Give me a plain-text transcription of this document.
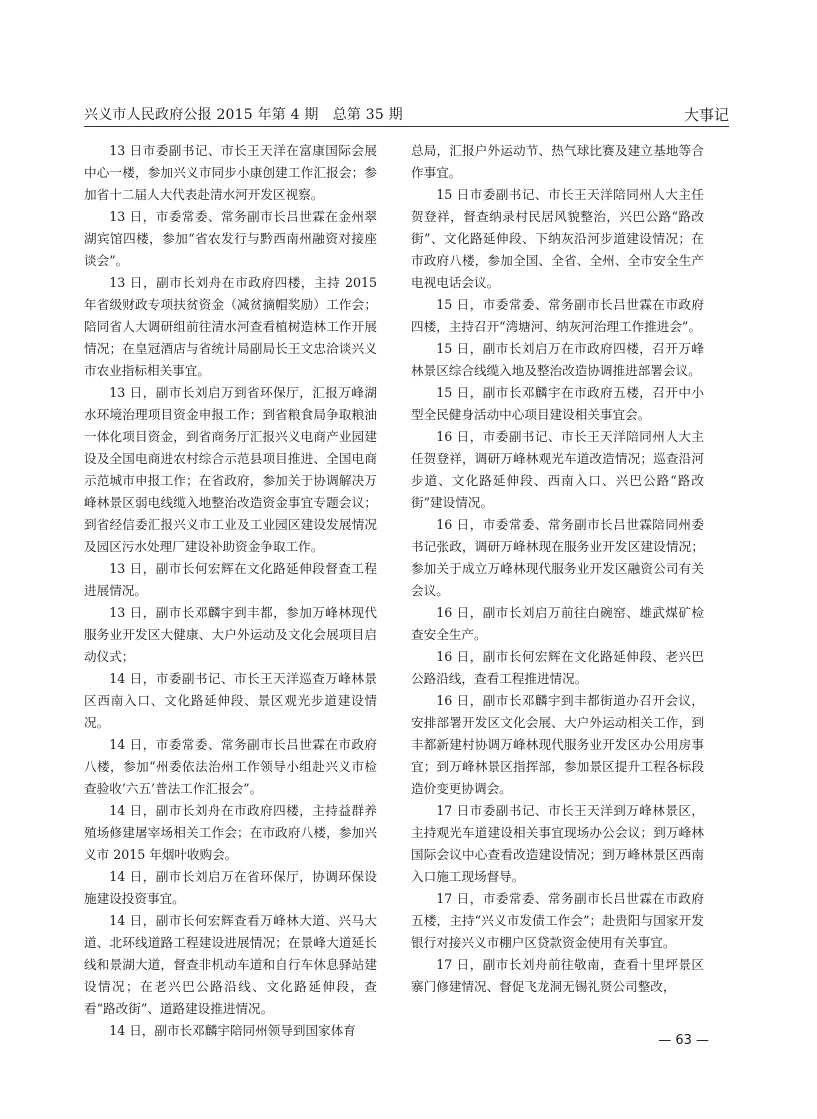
兴义市人民政府公报 2015 年第 4 期　总第 35 期	大事记

13 日市委副书记、市长王天洋在富康国际会展中心一楼，参加兴义市同步小康创建工作汇报会；参加省十二届人大代表赴清水河开发区视察。

13 日，市委常委、常务副市长吕世霖在金州翠湖宾馆四楼，参加“省农发行与黔西南州融资对接座谈会”。

13 日，副市长刘舟在市政府四楼，主持 2015 年省级财政专项扶贫资金（减贫摘帽奖励）工作会；陪同省人大调研组前往清水河查看植树造林工作开展情况；在皇冠酒店与省统计局副局长王文忠洽谈兴义市农业指标相关事宜。

13 日，副市长刘启万到省环保厅，汇报万峰湖水环境治理项目资金申报工作；到省粮食局争取粮油一体化项目资金，到省商务厅汇报兴义电商产业园建设及全国电商进农村综合示范县项目推进、全国电商示范城市申报工作；在省政府，参加关于协调解决万峰林景区弱电线缆入地整治改造资金事宜专题会议；到省经信委汇报兴义市工业及工业园区建设发展情况及园区污水处理厂建设补助资金争取工作。

13 日，副市长何宏辉在文化路延伸段督查工程进展情况。

13 日，副市长邓麟宇到丰都，参加万峰林现代服务业开发区大健康、大户外运动及文化会展项目启动仪式；

14 日，市委副书记、市长王天洋巡查万峰林景区西南入口、文化路延伸段、景区观光步道建设情况。

14 日，市委常委、常务副市长吕世霖在市政府八楼，参加“州委依法治州工作领导小组赴兴义市检查验收‘六五’普法工作汇报会”。

14 日，副市长刘舟在市政府四楼，主持益群养殖场修建屠宰场相关工作会；在市政府八楼，参加兴义市 2015 年烟叶收购会。

14 日，副市长刘启万在省环保厅，协调环保设施建设投资事宜。

14 日，副市长何宏辉查看万峰林大道、兴马大道、北环线道路工程建设进展情况；在景峰大道延长线和景湖大道，督查非机动车道和自行车休息驿站建设情况；在老兴巴公路沿线、文化路延伸段，查看“路改街”、道路建设推进情况。

14 日，副市长邓麟宇陪同州领导到国家体育

总局，汇报户外运动节、热气球比赛及建立基地等合作事宜。

15 日市委副书记、市长王天洋陪同州人大主任贺登祥，督查纳录村民居风貌整治，兴巴公路“路改街”、文化路延伸段、下纳灰沿河步道建设情况；在市政府八楼，参加全国、全省、全州、全市安全生产电视电话会议。

15 日，市委常委、常务副市长吕世霖在市政府四楼，主持召开“湾塘河、纳灰河治理工作推进会”。

15 日，副市长刘启万在市政府四楼，召开万峰林景区综合线缆入地及整治改造协调推进部署会议。

15 日，副市长邓麟宇在市政府五楼，召开中小型全民健身活动中心项目建设相关事宜会。

16 日，市委副书记、市长王天洋陪同州人大主任贺登祥，调研万峰林观光车道改造情况；巡查沿河步道、文化路延伸段、西南入口、兴巴公路“路改街”建设情况。

16 日，市委常委、常务副市长吕世霖陪同州委书记张政，调研万峰林现在服务业开发区建设情况；参加关于成立万峰林现代服务业开发区融资公司有关会议。

16 日，副市长刘启万前往白碗窑、雄武煤矿检查安全生产。

16 日，副市长何宏辉在文化路延伸段、老兴巴公路沿线，查看工程推进情况。

16 日，副市长邓麟宇到丰都街道办召开会议，安排部署开发区文化会展、大户外运动相关工作，到丰都新建村协调万峰林现代服务业开发区办公用房事宜；到万峰林景区指挥部，参加景区提升工程各标段造价变更协调会。

17 日市委副书记、市长王天洋到万峰林景区，主持观光车道建设相关事宜现场办公会议；到万峰林国际会议中心查看改造建设情况；到万峰林景区西南入口施工现场督导。

17 日，市委常委、常务副市长吕世霖在市政府五楼，主持“兴义市发债工作会”；赴贵阳与国家开发银行对接兴义市棚户区贷款资金使用有关事宜。

17 日，副市长刘舟前往敬南，查看十里坪景区寨门修建情况、督促飞龙洞无锡礼贤公司整改，

— 63 —
